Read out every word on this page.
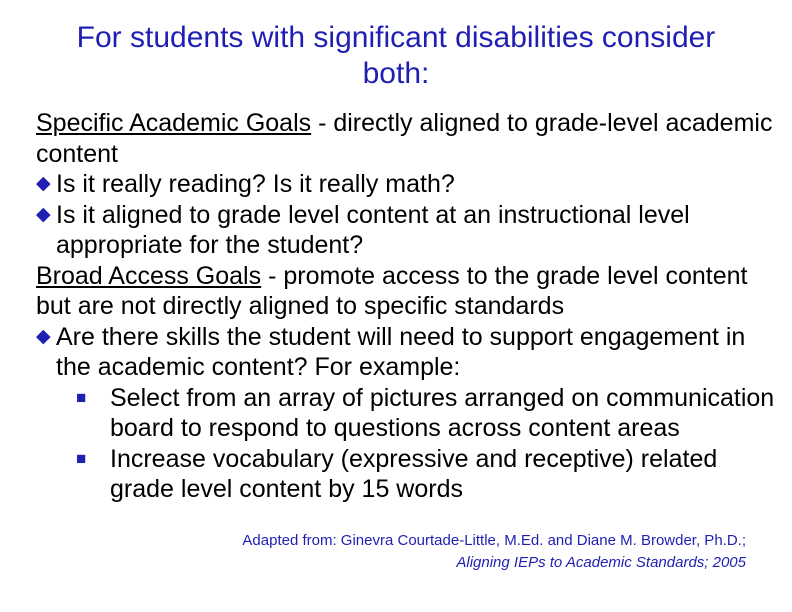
For students with significant disabilities consider both:

Specific Academic Goals - directly aligned to grade-level academic content

◆ Is it really reading? Is it really math?

◆ Is it aligned to grade level content at an instructional level appropriate for the student?

Broad Access Goals - promote access to the grade level content but are not directly aligned to specific standards

◆ Are there skills the student will need to support engagement in the academic content? For example:

■ Select from an array of pictures arranged on communication board to respond to questions across content areas

■ Increase vocabulary (expressive and receptive) related grade level content by 15 words

Adapted from: Ginevra Courtade-Little, M.Ed. and Diane M. Browder, Ph.D.;
Aligning IEPs to Academic Standards; 2005
